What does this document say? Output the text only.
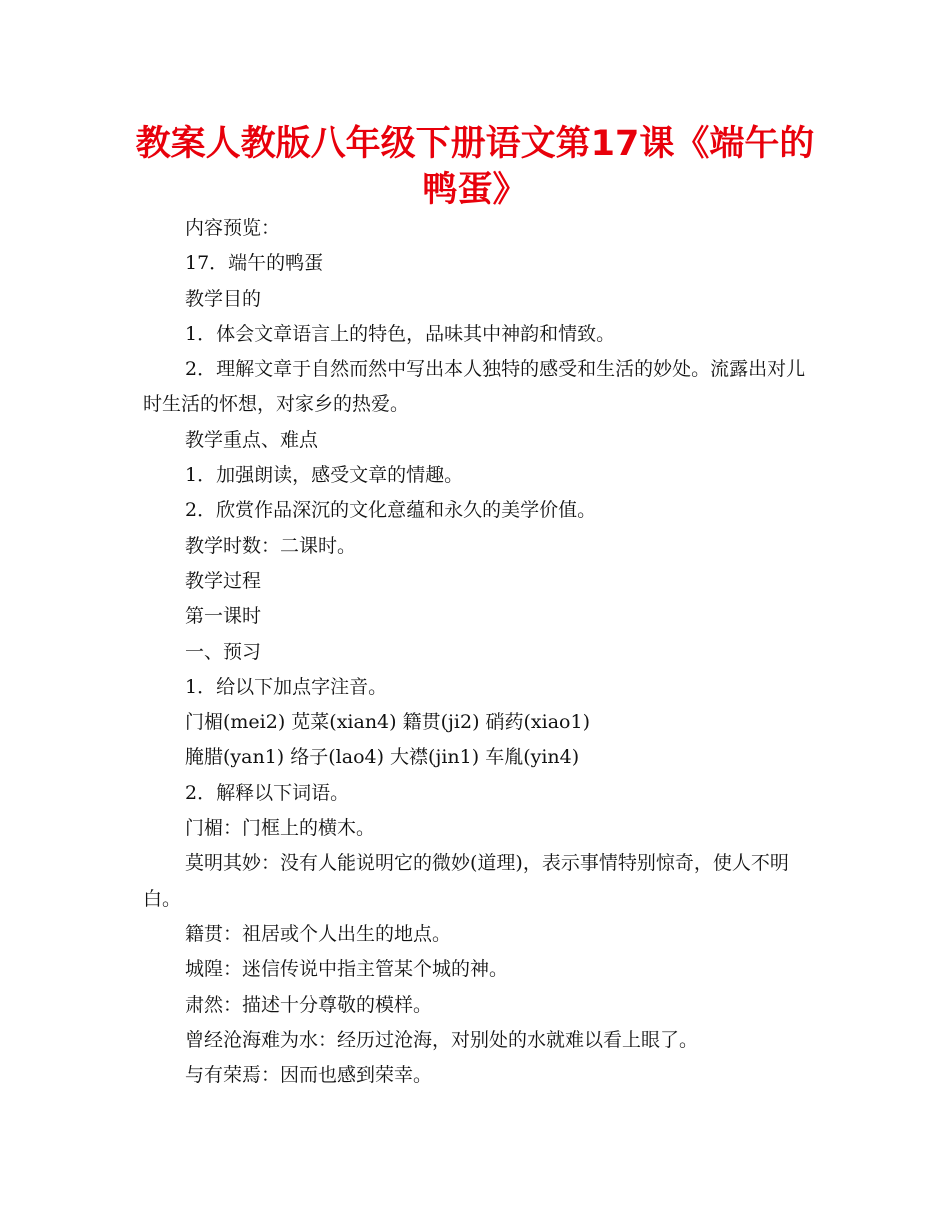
教案人教版八年级下册语文第17课《端午的鸭蛋》

内容预览：

17．端午的鸭蛋

教学目的

1．体会文章语言上的特色，品味其中神韵和情致。

2．理解文章于自然而然中写出本人独特的感受和生活的妙处。流露出对儿时生活的怀想，对家乡的热爱。

教学重点、难点

1．加强朗读，感受文章的情趣。

2．欣赏作品深沉的文化意蕴和永久的美学价值。

教学时数：二课时。

教学过程

第一课时

一、预习

1．给以下加点字注音。

门楣(mei2) 苋菜(xian4) 籍贯(ji2) 硝药(xiao1)

腌腊(yan1) 络子(lao4) 大襟(jin1) 车胤(yin4)

2．解释以下词语。

门楣：门框上的横木。

莫明其妙：没有人能说明它的微妙(道理)，表示事情特别惊奇，使人不明白。

籍贯：祖居或个人出生的地点。

城隍：迷信传说中指主管某个城的神。

肃然：描述十分尊敬的模样。

曾经沧海难为水：经历过沧海，对别处的水就难以看上眼了。

与有荣焉：因而也感到荣幸。
